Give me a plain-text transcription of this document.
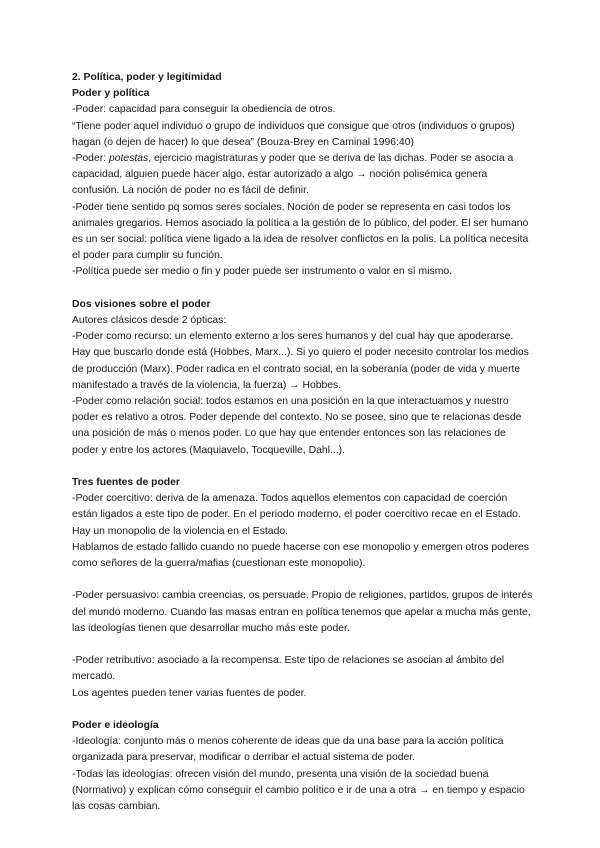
2. Política, poder y legitimidad

Poder y política

-Poder: capacidad para conseguir la obediencia de otros.

“Tiene poder aquel individuo o grupo de individuos que consigue que otros (individuos o grupos) hagan (o dejen de hacer) lo que desea” (Bouza-Brey en Caminal 1996:40)

-Poder: potestas, ejercicio magistraturas y poder que se deriva de las dichas. Poder se asocia a capacidad, alguien puede hacer algo, estar autorizado a algo → noción polisémica genera confusión. La noción de poder no es fácil de definir.

-Poder tiene sentido pq somos seres sociales. Noción de poder se representa en casi todos los animales gregarios. Hemos asociado la política a la gestión de lo público, del poder. El ser humano es un ser social: política viene ligado a la idea de resolver conflictos en la polis. La política necesita el poder para cumplir su función.

-Política puede ser medio o fin y poder puede ser instrumento o valor en sí mismo.

Dos visiones sobre el poder

Autores clásicos desde 2 ópticas:

-Poder como recurso: un elemento externo a los seres humanos y del cual hay que apoderarse. Hay que buscarlo donde está (Hobbes, Marx...). Si yo quiero el poder necesito controlar los medios de producción (Marx). Poder radica en el contrato social, en la soberanía (poder de vida y muerte manifestado a través de la violencia, la fuerza) → Hobbes.

-Poder como relación social: todos estamos en una posición en la que interactuamos y nuestro poder es relativo a otros. Poder depende del contexto. No se posee, sino que te relacionas desde una posición de más o menos poder. Lo que hay que entender entonces son las relaciones de poder y entre los actores (Maquiavelo, Tocqueville, Dahl...).

Tres fuentes de poder

-Poder coercitivo: deriva de la amenaza. Todos aquellos elementos con capacidad de coerción están ligados a este tipo de poder. En el periodo moderno, el poder coercitivo recae en el Estado. Hay un monopolio de la violencia en el Estado.

Hablamos de estado fallido cuando no puede hacerse con ese monopolio y emergen otros poderes como señores de la guerra/mafias (cuestionan este monopolio).

-Poder persuasivo: cambia creencias, os persuade. Propio de religiones, partidos, grupos de interés del mundo moderno. Cuando las masas entran en política tenemos que apelar a mucha más gente, las ideologías tienen que desarrollar mucho más este poder.

-Poder retributivo: asociado a la recompensa. Este tipo de relaciones se asocian al ámbito del mercado.

Los agentes pueden tener varias fuentes de poder.

Poder e ideología

-Ideología: conjunto más o menos coherente de ideas que da una base para la acción política organizada para preservar, modificar o derribar el actual sistema de poder.

-Todas las ideologías: ofrecen visión del mundo, presenta una visión de la sociedad buena (Normativo) y explican cómo conseguir el cambio político e ir de una a otra → en tiempo y espacio las cosas cambian.
